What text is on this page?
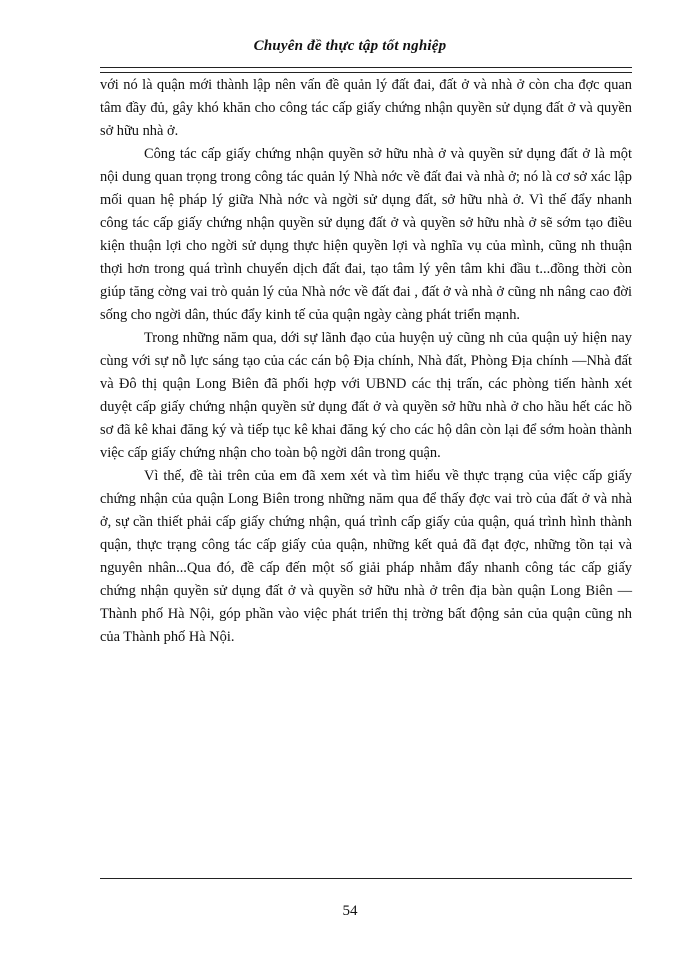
Chuyên đề thực tập tốt nghiệp

với nó là quận mới thành lập nên vấn đề quản lý đất đai, đất ở và nhà ở còn cha đợc quan tâm đầy đủ, gây khó khăn cho công tác cấp giấy chứng nhận quyền sử dụng đất ở và quyền sở hữu nhà ở.

Công tác cấp giấy chứng nhận quyền sở hữu nhà ở và quyền sử dụng đất ở là một nội dung quan trọng trong công tác quản lý Nhà nớc về đất đai và nhà ở; nó là cơ sở xác lập mối quan hệ pháp lý giữa Nhà nớc và ngời sử dụng đất, sở hữu nhà ở. Vì thế đẩy nhanh công tác cấp giấy chứng nhận quyền sử dụng đất ở và quyền sở hữu nhà ở sẽ sớm tạo điều kiện thuận lợi cho ngời sử dụng thực hiện quyền lợi và nghĩa vụ của mình, cũng nh thuận thợi hơn trong quá trình chuyển dịch đất đai, tạo tâm lý yên tâm khi đầu t...đồng thời còn giúp tăng cờng vai trò quản lý của Nhà nớc về đất đai , đất ở và nhà ở cũng nh nâng cao đời sống cho ngời dân, thúc đẩy kinh tế của quận ngày càng phát triển mạnh.

Trong những năm qua, dới sự lãnh đạo của huyện uỷ cũng nh của quận uỷ hiện nay cùng với sự nỗ lực sáng tạo của các cán bộ Địa chính, Nhà đất, Phòng Địa chính —Nhà đất và Đô thị quận Long Biên đã phối hợp với UBND các thị trấn, các phòng tiến hành xét duyệt cấp giấy chứng nhận quyền sử dụng đất ở và quyền sở hữu nhà ở cho hầu hết các hồ sơ đã kê khai đăng ký và tiếp tục kê khai đăng ký cho các hộ dân còn lại để sớm hoàn thành việc cấp giấy chứng nhận cho toàn bộ ngời dân trong quận.

Vì thế, đề tài trên của em đã xem xét và tìm hiểu về thực trạng của việc cấp giấy chứng nhận của quận Long Biên trong những năm qua để thấy đợc vai trò của đất ở và nhà ở, sự cần thiết phải cấp giấy chứng nhận, quá trình cấp giấy của quận, quá trình hình thành quận, thực trạng công tác cấp giấy của quận, những kết quả đã đạt đợc, những tồn tại và nguyên nhân...Qua đó, đề cấp đến một số giải pháp nhằm đẩy nhanh công tác cấp giấy chứng nhận quyền sử dụng đất ở và quyền sở hữu nhà ở trên địa bàn quận Long Biên — Thành phố Hà Nội, góp phần vào việc phát triển thị trờng bất động sản của quận cũng nh của Thành phố Hà Nội.

54
